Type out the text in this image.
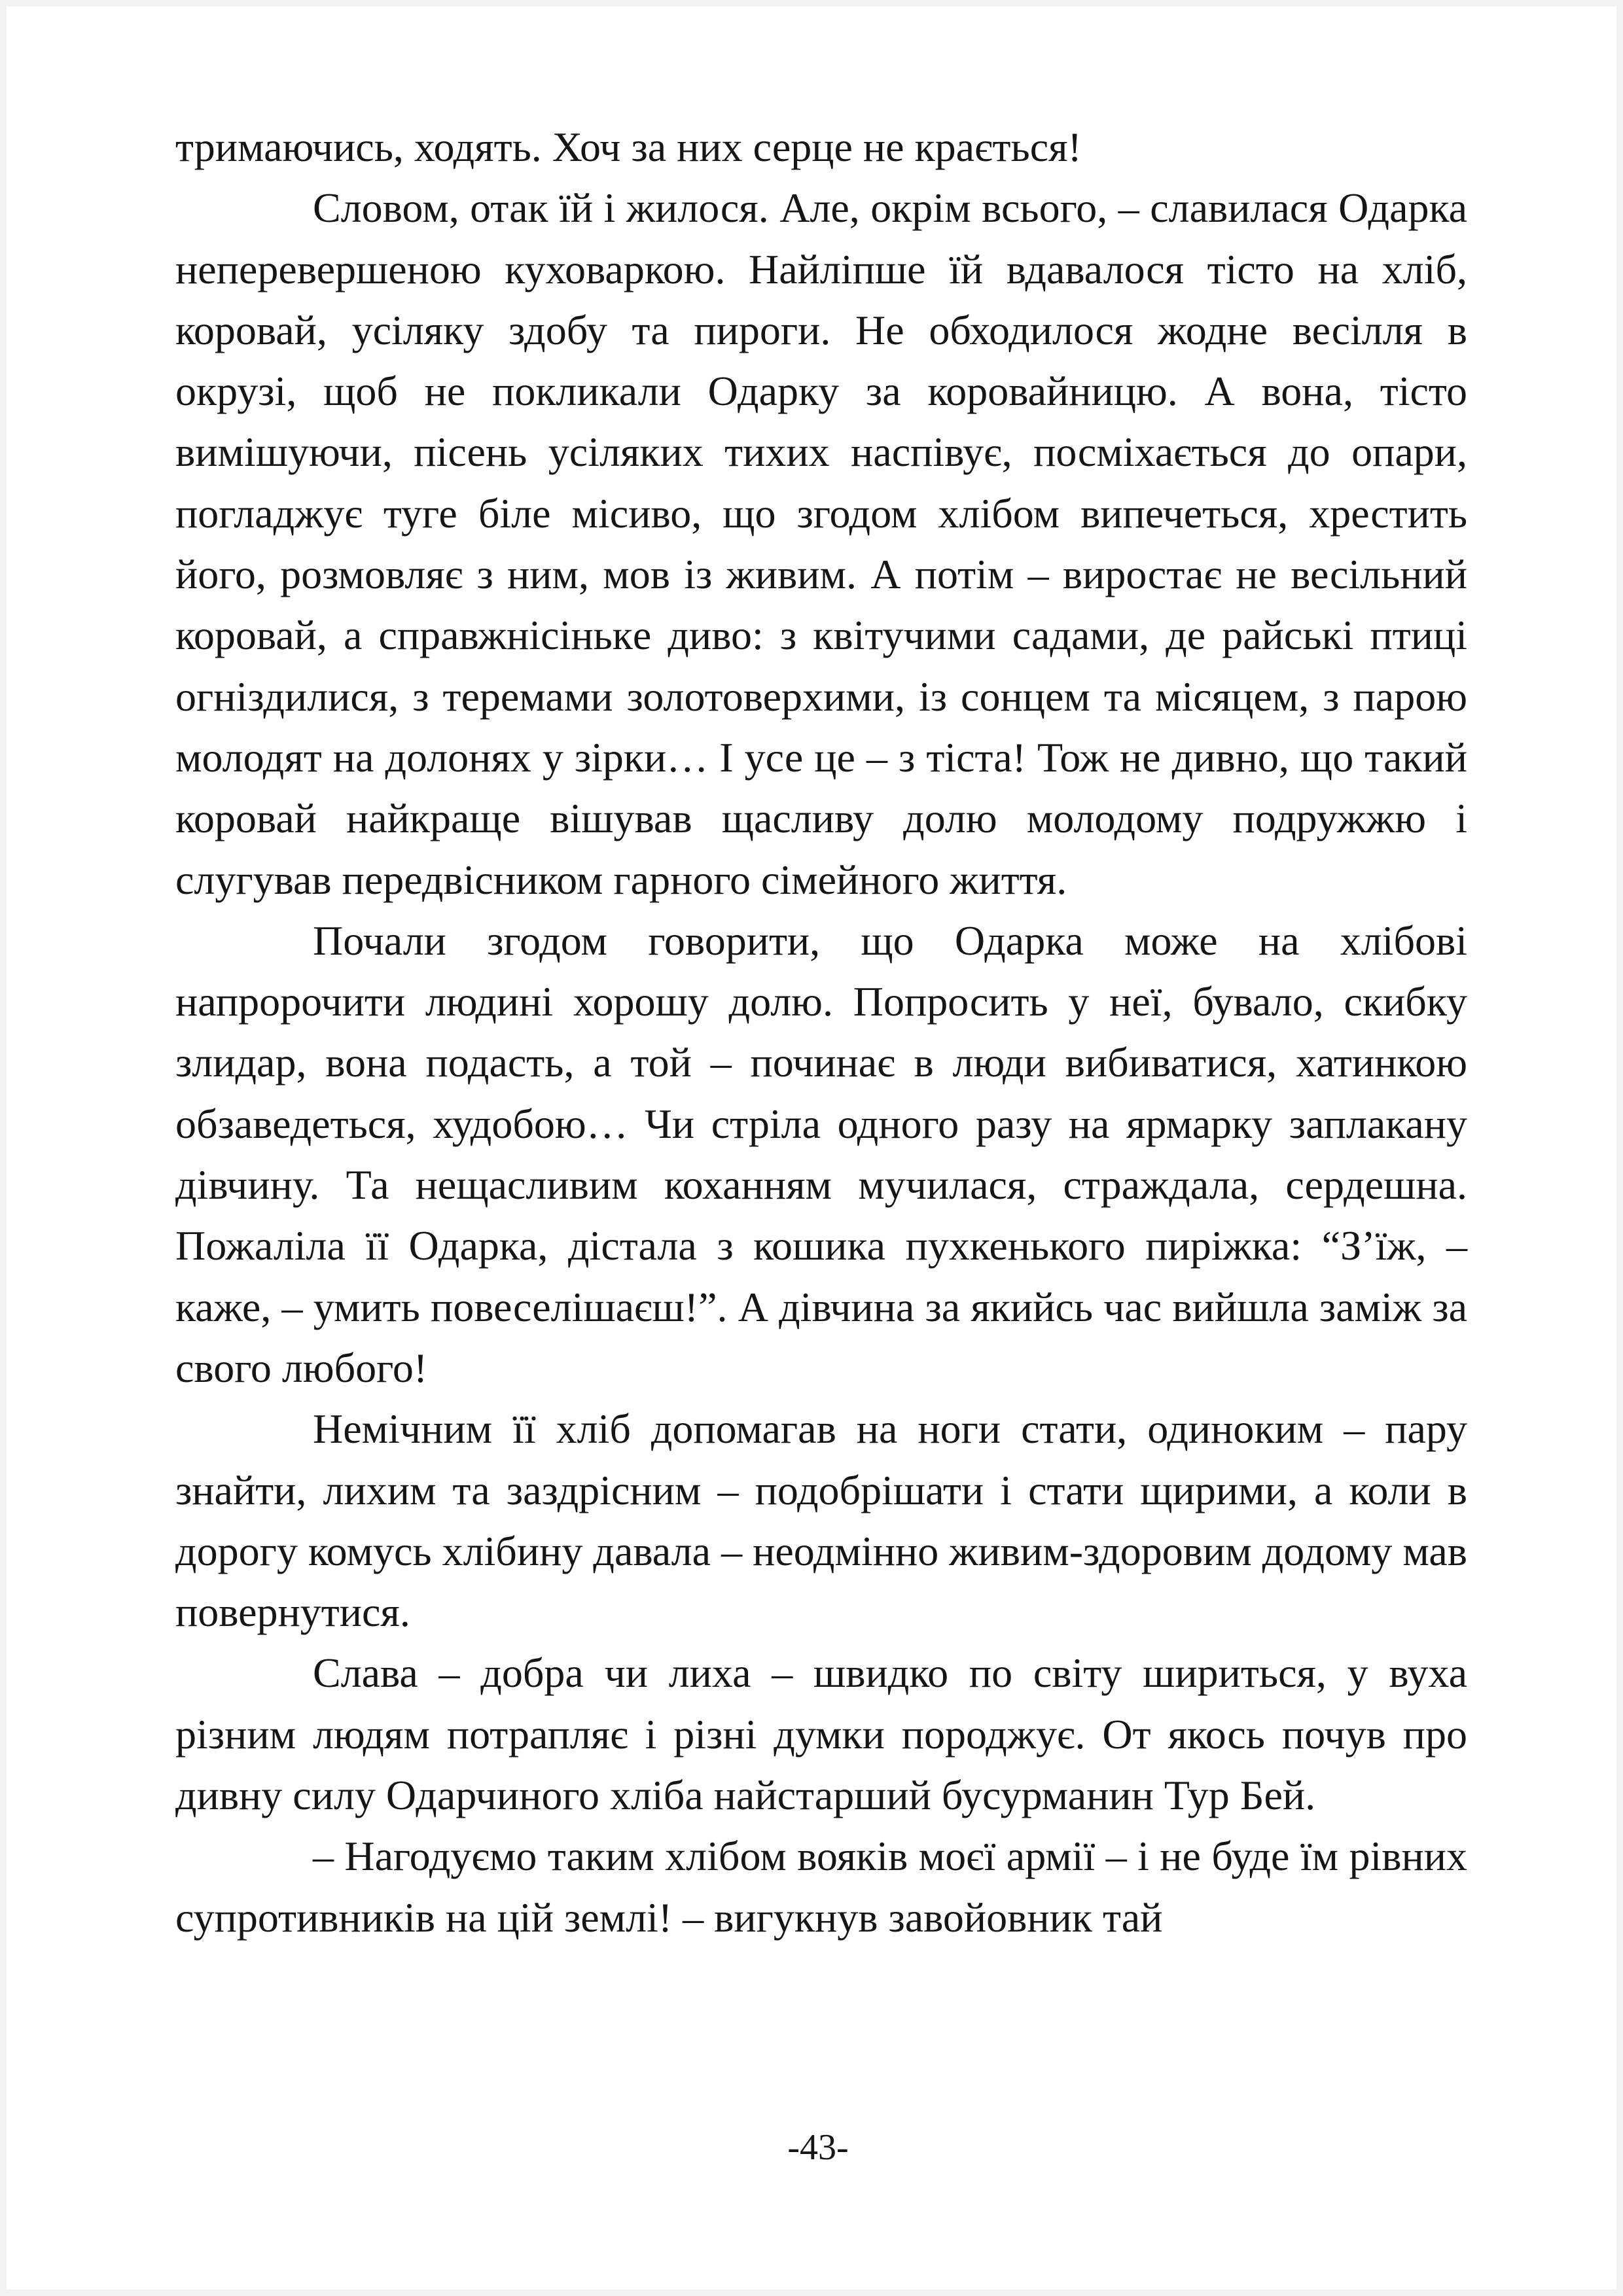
тримаючись, ходять. Хоч за них серце не крається!

Словом, отак їй і жилося. Але, окрім всього, – славилася Одарка неперевершеною куховаркою. Найліпше їй вдавалося тісто на хліб, коровай, усіляку здобу та пироги. Не обходилося жодне весілля в окрузі, щоб не покликали Одарку за коровайницю. А вона, тісто вимішуючи, пісень усіляких тихих наспівує, посміхається до опари, погладжує туге біле місиво, що згодом хлібом випечеться, хрестить його, розмовляє з ним, мов із живим. А потім – виростає не весільний коровай, а справжнісінькe диво: з квітучими садами, де райські птиці огніздилися, з теремами золотоверхими, із сонцем та місяцем, з парою молодят на долонях у зірки… І усе це – з тіста! Тож не дивно, що такий коровай найкраще вішував щасливу долю молодому подружжю і слугував передвісником гарного сімейного життя.

Почали згодом говорити, що Одарка може на хлібові напророчити людині хорошу долю. Попросить у неї, бувало, скибку злидар, вона подасть, а той – починає в люди вибиватися, хатинкою обзаведеться, худобою… Чи стріла одного разу на ярмарку заплакану дівчину. Та нещасливим коханням мучилася, страждала, сердешна. Пожаліла її Одарка, дістала з кошика пухкенького пиріжка: “З’їж, – каже, – умить повеселішаєш!”. А дівчина за якийсь час вийшла заміж за свого любого!

Немічним її хліб допомагав на ноги стати, одиноким – пару знайти, лихим та заздрісним – подобрішати і стати щирими, а коли в дорогу комусь хлібину давала – неодмінно живим-здоровим додому мав повернутися.

Слава – добра чи лиха – швидко по світу шириться, у вуха різним людям потрапляє і різні думки породжує. От якось почув про дивну силу Одарчиного хліба найстарший бусурманин Тур Бей.

– Нагодуємо таким хлібом вояків моєї армії – і не буде їм рівних супротивників на цій землі! – вигукнув завойовник тай

-43-
